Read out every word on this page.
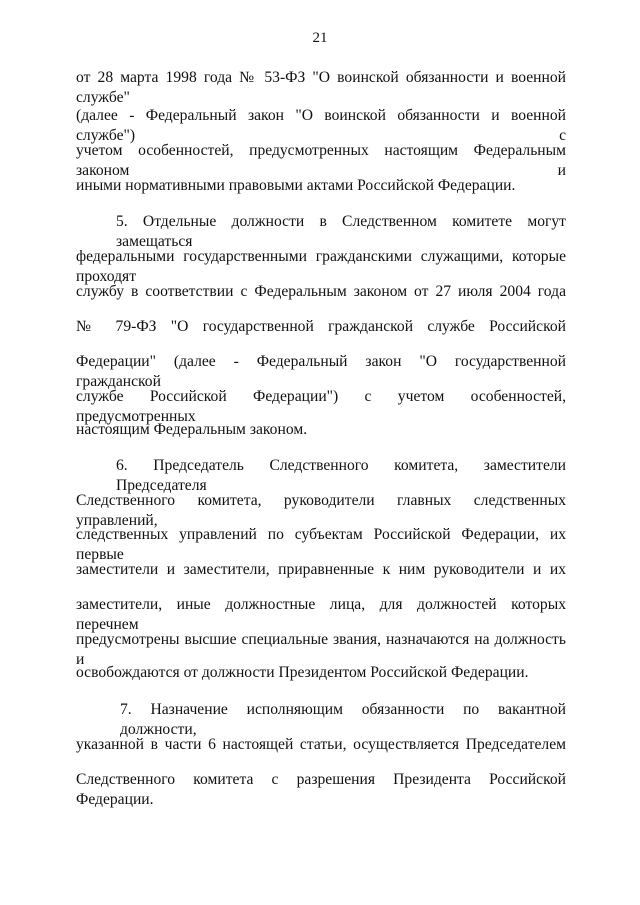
21
от 28 марта 1998 года № 53-ФЗ "О воинской обязанности и военной службе"
(далее - Федеральный закон "О воинской обязанности и военной службе") с
учетом особенностей, предусмотренных настоящим Федеральным законом и
иными нормативными правовыми актами Российской Федерации.
5. Отдельные должности в Следственном комитете могут замещаться
федеральными государственными гражданскими служащими, которые проходят
службу в соответствии с Федеральным законом от 27 июля 2004 года
№ 79-ФЗ "О государственной гражданской службе Российской
Федерации" (далее - Федеральный закон "О государственной гражданской
службе Российской Федерации") с учетом особенностей, предусмотренных
настоящим Федеральным законом.
6. Председатель Следственного комитета, заместители Председателя
Следственного комитета, руководители главных следственных управлений,
следственных управлений по субъектам Российской Федерации, их первые
заместители и заместители, приравненные к ним руководители и их
заместители, иные должностные лица, для должностей которых перечнем
предусмотрены высшие специальные звания, назначаются на должность и
освобождаются от должности Президентом Российской Федерации.
7. Назначение исполняющим обязанности по вакантной должности,
указанной в части 6 настоящей статьи, осуществляется Председателем
Следственного комитета с разрешения Президента Российской Федерации.
